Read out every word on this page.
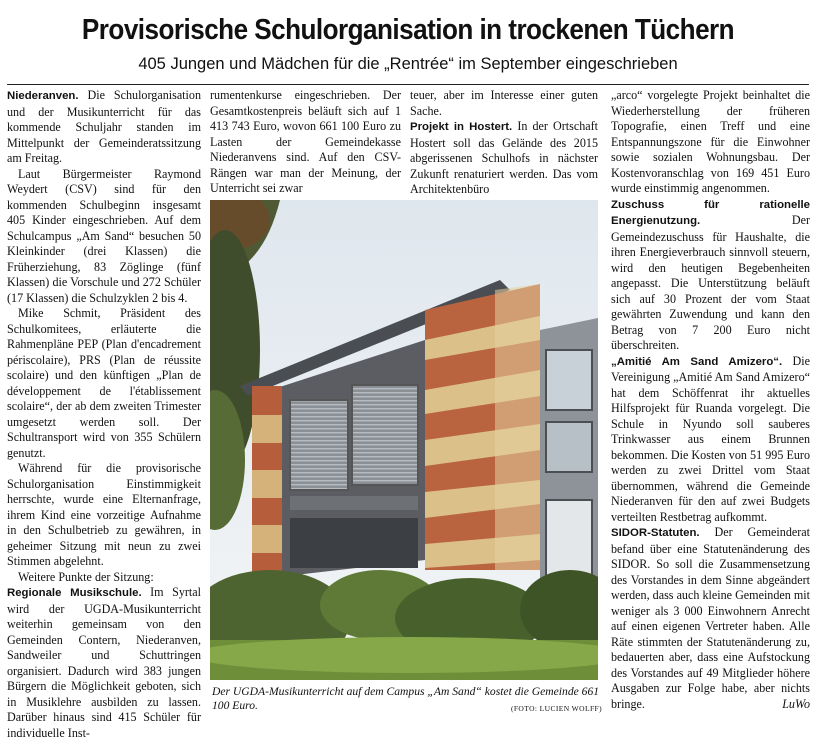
Provisorische Schulorganisation in trockenen Tüchern
405 Jungen und Mädchen für die „Rentrée“ im September eingeschrieben

Niederanven. Die Schulorganisation und der Musikunterricht für das kommende Schuljahr standen im Mittelpunkt der Gemeinderatssitzung am Freitag.

Laut Bürgermeister Raymond Weydert (CSV) sind für den kommenden Schulbeginn insgesamt 405 Kinder eingeschrieben. Auf dem Schulcampus „Am Sand“ besuchen 50 Kleinkinder (drei Klassen) die Früherziehung, 83 Zöglinge (fünf Klassen) die Vorschule und 272 Schüler (17 Klassen) die Schulzyklen 2 bis 4.

Mike Schmit, Präsident des Schulkomitees, erläuterte die Rahmenpläne PEP (Plan d'encadrement périscolaire), PRS (Plan de réussite scolaire) und den künftigen „Plan de développement de l'établissement scolaire“, der ab dem zweiten Trimester umgesetzt werden soll. Der Schultransport wird von 355 Schülern genutzt.

Während für die provisorische Schulorganisation Einstimmigkeit herrschte, wurde eine Elternanfrage, ihrem Kind eine vorzeitige Aufnahme in den Schulbetrieb zu gewähren, in geheimer Sitzung mit neun zu zwei Stimmen abgelehnt.

Weitere Punkte der Sitzung:

Regionale Musikschule. Im Syrtal wird der UGDA-Musikunterricht weiterhin gemeinsam von den Gemeinden Contern, Niederanven, Sandweiler und Schuttringen organisiert. Dadurch wird 383 jungen Bürgern die Möglichkeit geboten, sich in Musiklehre ausbilden zu lassen. Darüber hinaus sind 415 Schüler für individuelle Inst-

rumentenkurse eingeschrieben. Der Gesamtkostenpreis beläuft sich auf 1 413 743 Euro, wovon 661 100 Euro zu Lasten der Gemeindekasse Niederanvens sind. Auf den CSV-Rängen war man der Meinung, der Unterricht sei zwar

teuer, aber im Interesse einer guten Sache.

Projekt in Hostert. In der Ortschaft Hostert soll das Gelände des 2015 abgerissenen Schulhofs in nächster Zukunft renaturiert werden. Das vom Architektenbüro

„arco“ vorgelegte Projekt beinhaltet die Wiederherstellung der früheren Topografie, einen Treff und eine Entspannungszone für die Einwohner sowie sozialen Wohnungsbau. Der Kostenvoranschlag von 169 451 Euro wurde einstimmig angenommen.

Zuschuss für rationelle Energienutzung. Der Gemeindezuschuss für Haushalte, die ihren Energieverbrauch sinnvoll steuern, wird den heutigen Begebenheiten angepasst. Die Unterstützung beläuft sich auf 30 Prozent der vom Staat gewährten Zuwendung und kann den Betrag von 7 200 Euro nicht überschreiten.

„Amitié Am Sand Amizero“. Die Vereinigung „Amitié Am Sand Amizero“ hat dem Schöffenrat ihr aktuelles Hilfsprojekt für Ruanda vorgelegt. Die Schule in Nyundo soll sauberes Trinkwasser aus einem Brunnen bekommen. Die Kosten von 51 995 Euro werden zu zwei Drittel vom Staat übernommen, während die Gemeinde Niederanven für den auf zwei Budgets verteilten Restbetrag aufkommt.

SIDOR-Statuten. Der Gemeinderat befand über eine Statutenänderung des SIDOR. So soll die Zusammensetzung des Vorstandes in dem Sinne abgeändert werden, dass auch kleine Gemeinden mit weniger als 3 000 Einwohnern Anrecht auf einen eigenen Vertreter haben. Alle Räte stimmten der Statutenänderung zu, bedauerten aber, dass eine Aufstockung des Vorstandes auf 49 Mitglieder höhere Ausgaben zur Folge habe, aber nichts bringe.	LuWo

Der UGDA-Musikunterricht auf dem Campus „Am Sand“ kostet die Gemeinde 661 100 Euro.	(FOTO: LUCIEN WOLFF)
